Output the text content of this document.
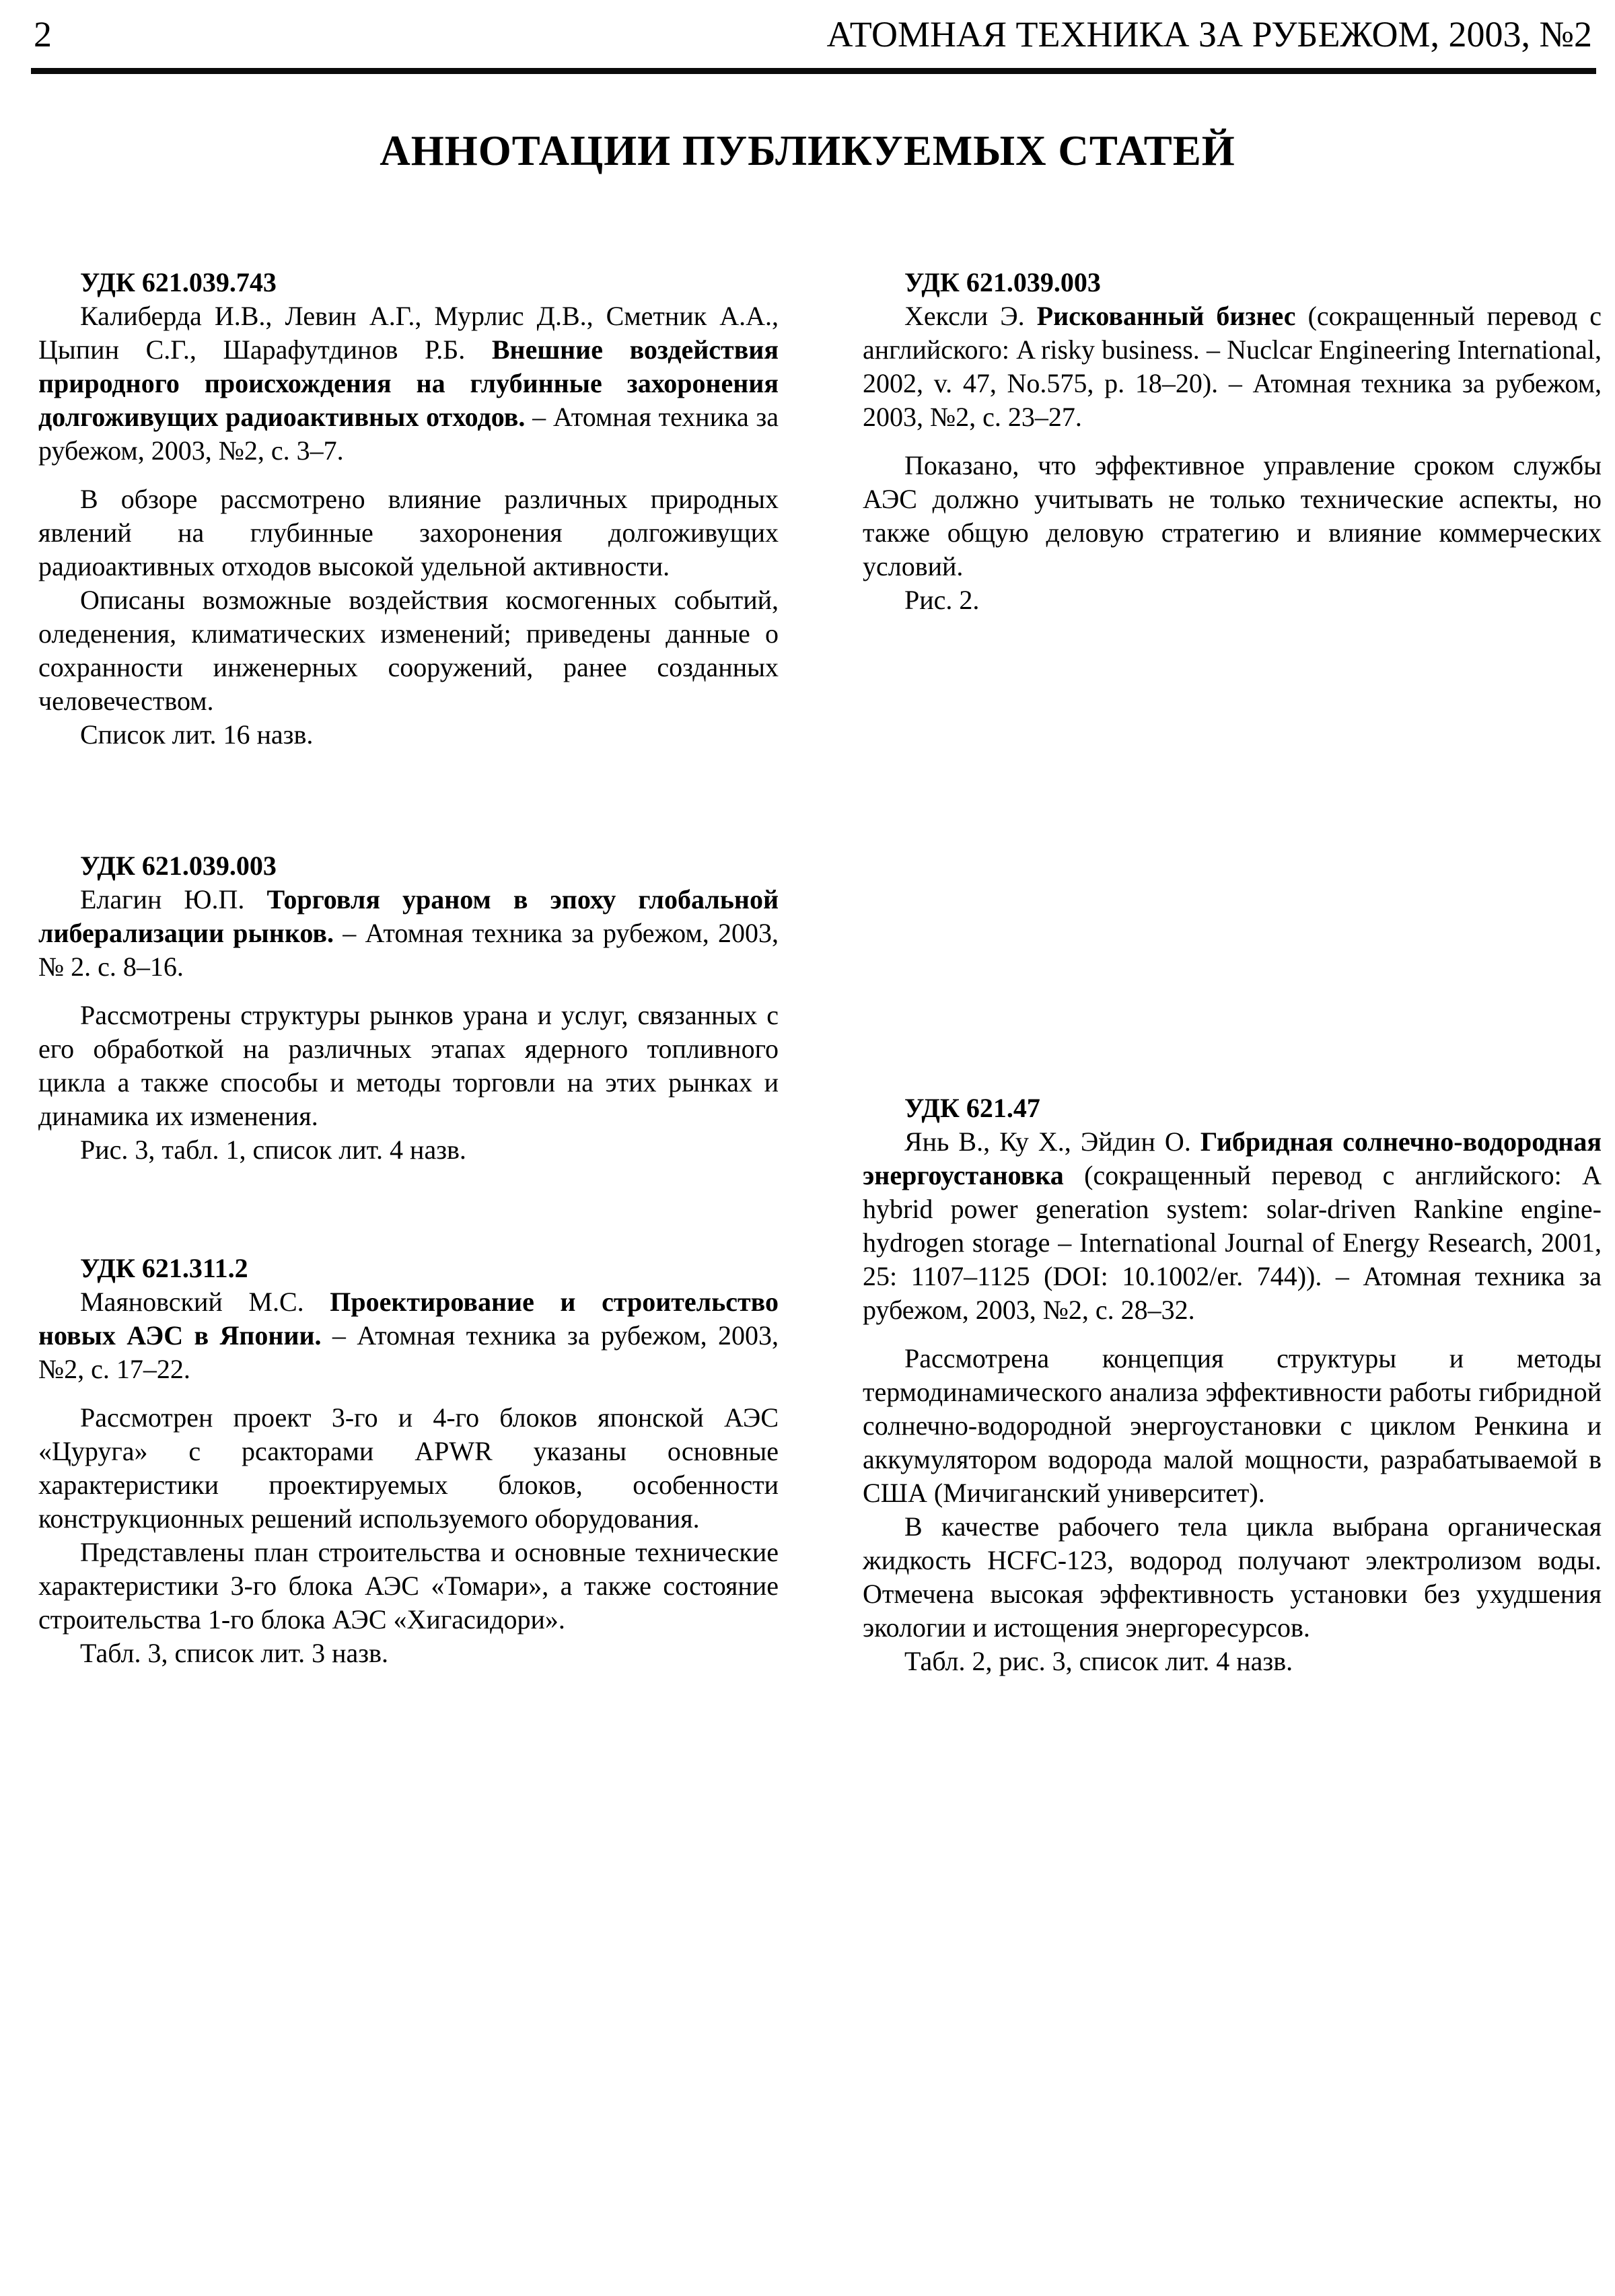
2	АТОМНАЯ ТЕХНИКА ЗА РУБЕЖОМ, 2003, №2
АННОТАЦИИ ПУБЛИКУЕМЫХ СТАТЕЙ

УДК 621.039.743

Калиберда И.В., Левин А.Г., Мурлис Д.В., Сметник А.А., Цыпин С.Г., Шарафутдинов Р.Б. Внешние воздействия природного происхождения на глубинные захоронения долгоживущих радиоактивных отходов. – Атомная техника за рубежом, 2003, №2, с. 3–7.

В обзоре рассмотрено влияние различных природных явлений на глубинные захоронения долгоживущих радиоактивных отходов высокой удельной активности.

Описаны возможные воздействия космогенных событий, оледенения, климатических изменений; приведены данные о сохранности инженерных сооружений, ранее созданных человечеством.

Список лит. 16 назв.

УДК 621.039.003

Елагин Ю.П. Торговля ураном в эпоху глобальной либерализации рынков. – Атомная техника за рубежом, 2003, № 2. с. 8–16.

Рассмотрены структуры рынков урана и услуг, связанных с его обработкой на различных этапах ядерного топливного цикла а также способы и методы торговли на этих рынках и динамика их изменения.

Рис. 3, табл. 1, список лит. 4 назв.

УДК 621.311.2

Маяновский М.С. Проектирование и строительство новых АЭС в Японии. – Атомная техника за рубежом, 2003, №2, с. 17–22.

Рассмотрен проект 3-го и 4-го блоков японской АЭС «Цуруга» с рсакторами APWR указаны основные характеристики проектируемых блоков, особенности конструкционных решений используемого оборудования.

Представлены план строительства и основные технические характеристики 3-го блока АЭС «Томари», а также состояние строительства 1-го блока АЭС «Хигасидори».

Табл. 3, список лит. 3 назв.

УДК 621.039.003

Хексли Э. Рискованный бизнес (сокращенный перевод с английского: A risky business. – Nuclcar Engineering International, 2002, v. 47, No.575, p. 18–20). – Атомная техника за рубежом, 2003, №2, с. 23–27.

Показано, что эффективное управление сроком службы АЭС должно учитывать не только технические аспекты, но также общую деловую стратегию и влияние коммерческих условий.

Рис. 2.

УДК 621.47

Янь В., Ку Х., Эйдин О. Гибридная солнечно-водородная энергоустановка (сокращенный перевод с английского: A hybrid power generation system: solar-driven Rankine engine-hydrogen storage – International Journal of Energy Research, 2001, 25: 1107–1125 (DOI: 10.1002/er. 744)). – Атомная техника за рубежом, 2003, №2, с. 28–32.

Рассмотрена концепция структуры и методы термодинамического анализа эффективности работы гибридной солнечно-водородной энергоустановки с циклом Ренкина и аккумулятором водорода малой мощности, разрабатываемой в США (Мичиганский университет).

В качестве рабочего тела цикла выбрана органическая жидкость HCFC-123, водород получают электролизом воды. Отмечена высокая эффективность установки без ухудшения экологии и истощения энергоресурсов.

Табл. 2, рис. 3, список лит. 4 назв.
